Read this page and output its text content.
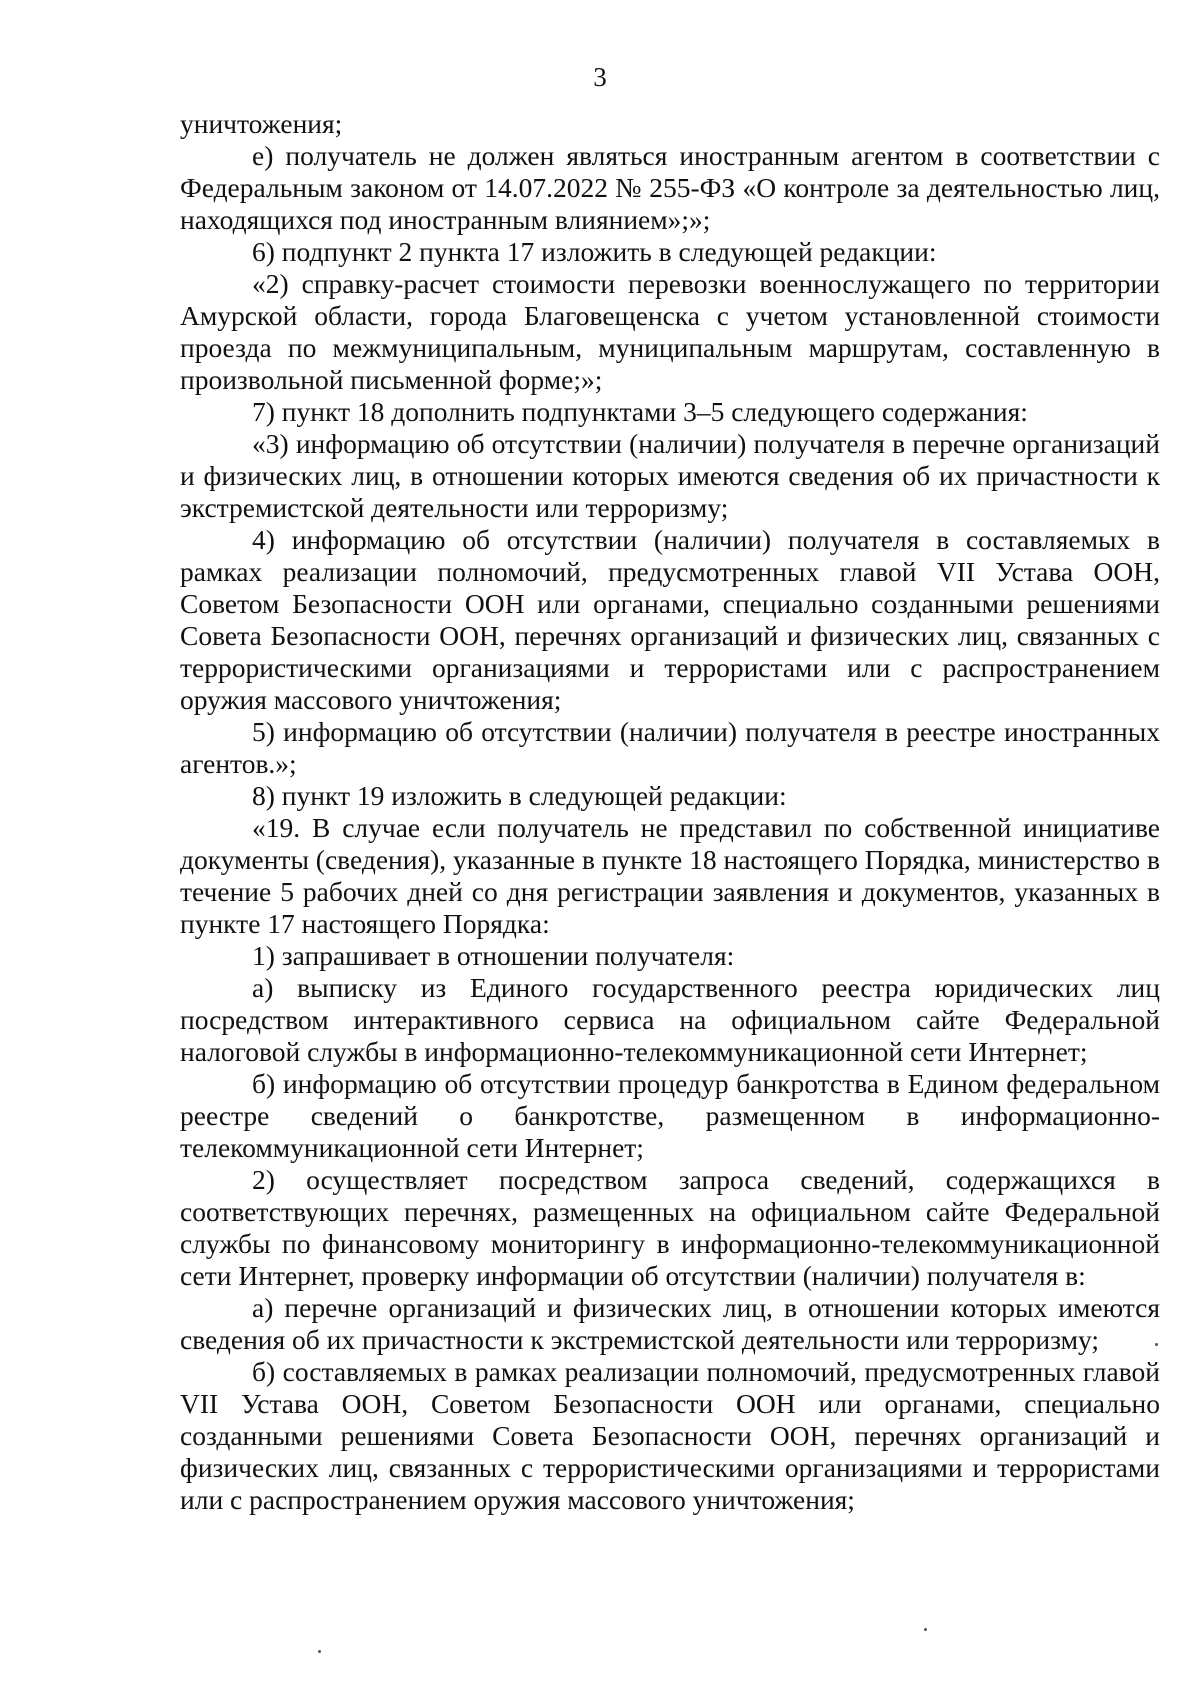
3

уничтожения;

е) получатель не должен являться иностранным агентом в соответствии с Федеральным законом от 14.07.2022 № 255-ФЗ «О контроле за деятельностью лиц, находящихся под иностранным влиянием»;»;

6) подпункт 2 пункта 17 изложить в следующей редакции:

«2) справку-расчет стоимости перевозки военнослужащего по территории Амурской области, города Благовещенска с учетом установленной стоимости проезда по межмуниципальным, муниципальным маршрутам, составленную в произвольной письменной форме;»;

7) пункт 18 дополнить подпунктами 3–5 следующего содержания:

«3) информацию об отсутствии (наличии) получателя в перечне организаций и физических лиц, в отношении которых имеются сведения об их причастности к экстремистской деятельности или терроризму;

4) информацию об отсутствии (наличии) получателя в составляемых в рамках реализации полномочий, предусмотренных главой VII Устава ООН, Советом Безопасности ООН или органами, специально созданными решениями Совета Безопасности ООН, перечнях организаций и физических лиц, связанных с террористическими организациями и террористами или с распространением оружия массового уничтожения;

5) информацию об отсутствии (наличии) получателя в реестре иностранных агентов.»;

8) пункт 19 изложить в следующей редакции:

«19. В случае если получатель не представил по собственной инициативе документы (сведения), указанные в пункте 18 настоящего Порядка, министерство в течение 5 рабочих дней со дня регистрации заявления и документов, указанных в пункте 17 настоящего Порядка:

1) запрашивает в отношении получателя:

а) выписку из Единого государственного реестра юридических лиц посредством интерактивного сервиса на официальном сайте Федеральной налоговой службы в информационно-телекоммуникационной сети Интернет;

б) информацию об отсутствии процедур банкротства в Едином федеральном реестре сведений о банкротстве, размещенном в информационно-телекоммуникационной сети Интернет;

2) осуществляет посредством запроса сведений, содержащихся в соответствующих перечнях, размещенных на официальном сайте Федеральной службы по финансовому мониторингу в информационно-телекоммуникационной сети Интернет, проверку информации об отсутствии (наличии) получателя в:

а) перечне организаций и физических лиц, в отношении которых имеются сведения об их причастности к экстремистской деятельности или терроризму;

б) составляемых в рамках реализации полномочий, предусмотренных главой VII Устава ООН, Советом Безопасности ООН или органами, специально созданными решениями Совета Безопасности ООН, перечнях организаций и физических лиц, связанных с террористическими организациями и террористами или с распространением оружия массового уничтожения;
